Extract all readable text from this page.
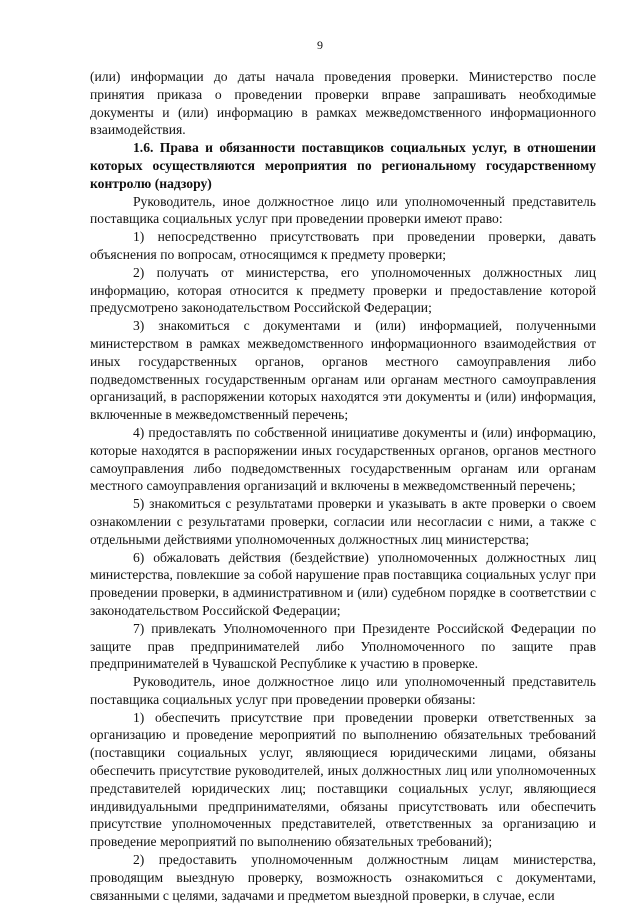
9

(или) информации до даты начала проведения проверки. Министерство после принятия приказа о проведении проверки вправе запрашивать необходимые документы и (или) информацию в рамках межведомственного информационного взаимодействия.

1.6. Права и обязанности поставщиков социальных услуг, в отношении которых осуществляются мероприятия по региональному государственному контролю (надзору)

Руководитель, иное должностное лицо или уполномоченный представитель поставщика социальных услуг при проведении проверки имеют право:

1) непосредственно присутствовать при проведении проверки, давать объяснения по вопросам, относящимся к предмету проверки;

2) получать от министерства, его уполномоченных должностных лиц информацию, которая относится к предмету проверки и предоставление которой предусмотрено законодательством Российской Федерации;

3) знакомиться с документами и (или) информацией, полученными министерством в рамках межведомственного информационного взаимодействия от иных государственных органов, органов местного самоуправления либо подведомственных государственным органам или органам местного самоуправления организаций, в распоряжении которых находятся эти документы и (или) информация, включенные в межведомственный перечень;

4) предоставлять по собственной инициативе документы и (или) информацию, которые находятся в распоряжении иных государственных органов, органов местного самоуправления либо подведомственных государственным органам или органам местного самоуправления организаций и включены в межведомственный перечень;

5) знакомиться с результатами проверки и указывать в акте проверки о своем ознакомлении с результатами проверки, согласии или несогласии с ними, а также с отдельными действиями уполномоченных должностных лиц министерства;

6) обжаловать действия (бездействие) уполномоченных должностных лиц министерства, повлекшие за собой нарушение прав поставщика социальных услуг при проведении проверки, в административном и (или) судебном порядке в соответствии с законодательством Российской Федерации;

7) привлекать Уполномоченного при Президенте Российской Федерации по защите прав предпринимателей либо Уполномоченного по защите прав предпринимателей в Чувашской Республике к участию в проверке.

Руководитель, иное должностное лицо или уполномоченный представитель поставщика социальных услуг при проведении проверки обязаны:

1) обеспечить присутствие при проведении проверки ответственных за организацию и проведение мероприятий по выполнению обязательных требований (поставщики социальных услуг, являющиеся юридическими лицами, обязаны обеспечить присутствие руководителей, иных должностных лиц или уполномоченных представителей юридических лиц; поставщики социальных услуг, являющиеся индивидуальными предпринимателями, обязаны присутствовать или обеспечить присутствие уполномоченных представителей, ответственных за организацию и проведение мероприятий по выполнению обязательных требований);

2) предоставить уполномоченным должностным лицам министерства, проводящим выездную проверку, возможность ознакомиться с документами, связанными с целями, задачами и предметом выездной проверки, в случае, если
